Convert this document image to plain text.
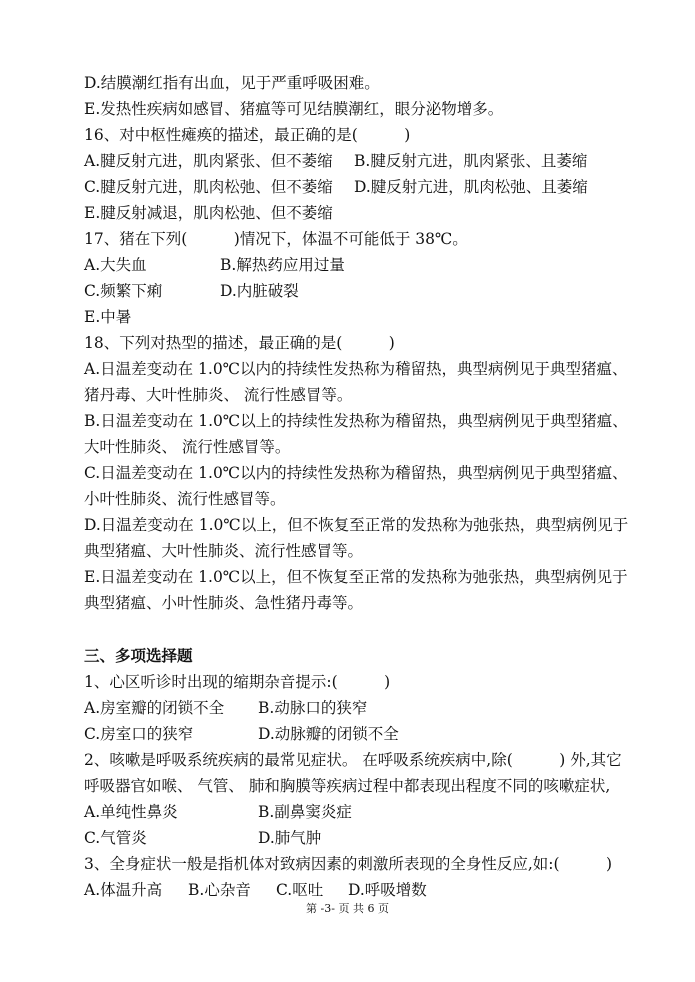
D.结膜潮红指有出血，见于严重呼吸困难。
E.发热性疾病如感冒、猪瘟等可见结膜潮红，眼分泌物增多。
16、对中枢性瘫痪的描述，最正确的是(　　　)
A.腱反射亢进，肌肉紧张、但不萎缩 B.腱反射亢进，肌肉紧张、且萎缩
C.腱反射亢进，肌肉松弛、但不萎缩 D.腱反射亢进，肌肉松弛、且萎缩
E.腱反射减退，肌肉松弛、但不萎缩
17、猪在下列(　　　)情况下，体温不可能低于 38℃。
A.大失血	B.解热药应用过量
C.频繁下痢	D.内脏破裂
E.中暑
18、下列对热型的描述，最正确的是(　　　)
A.日温差变动在 1.0℃以内的持续性发热称为稽留热，典型病例见于典型猪瘟、
猪丹毒、大叶性肺炎、 流行性感冒等。
B.日温差变动在 1.0℃以上的持续性发热称为稽留热，典型病例见于典型猪瘟、
大叶性肺炎、 流行性感冒等。
C.日温差变动在 1.0℃以内的持续性发热称为稽留热，典型病例见于典型猪瘟、
小叶性肺炎、流行性感冒等。
D.日温差变动在 1.0℃以上，但不恢复至正常的发热称为弛张热，典型病例见于
典型猪瘟、大叶性肺炎、流行性感冒等。
E.日温差变动在 1.0℃以上，但不恢复至正常的发热称为弛张热，典型病例见于
典型猪瘟、小叶性肺炎、急性猪丹毒等。
三、多项选择题
1、心区听诊时出现的缩期杂音提示:(　　　)
A.房室瓣的闭锁不全 B.动脉口的狭窄
C.房室口的狭窄	D.动脉瓣的闭锁不全
2、咳嗽是呼吸系统疾病的最常见症状。 在呼吸系统疾病中,除(　　　) 外,其它
呼吸器官如喉、 气管、 肺和胸膜等疾病过程中都表现出程度不同的咳嗽症状,
A.单纯性鼻炎	B.副鼻窦炎症
C.气管炎	D.肺气肿
3、全身症状一般是指机体对致病因素的刺激所表现的全身性反应,如:(　　　)
A.体温升高 B.心杂音 C.呕吐 D.呼吸增数
第 -3- 页 共 6 页
